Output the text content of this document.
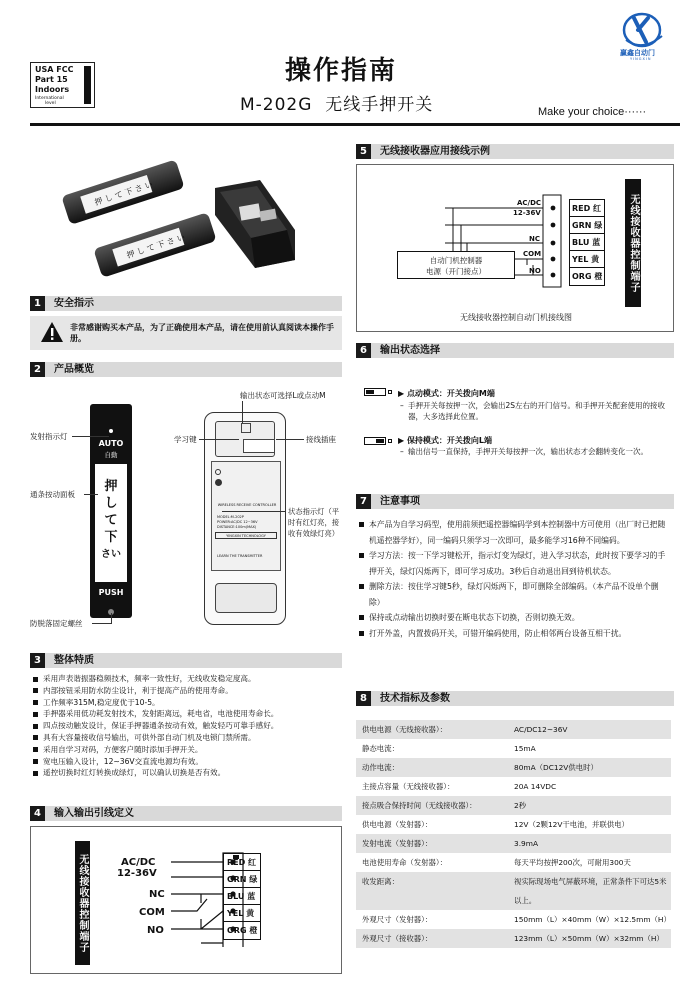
USA FCC
Part 15
Indoors
International
level
操作指南
M-202G  无线手押开关	Make your choice······
赢鑫自动门
YINGXIN
押 し て 下 さ い
押 し て 下 さ い
1	安全指示
非常感谢购买本产品，为了正确使用本产品，请在使用前认真阅读本操作手册。
2	产品概览
AUTO
自動
押
し
て
下
さい
PUSH
发射指示灯
通条按动面板
防脱落固定螺丝
WIRELESS RECEIVE CONTROLLER
MODEL:M-202P
POWER:AC/DC 12~36V
DISTANCE:100m(MAX)
YINGXIN TECHNOLOGY
LEARN THE TRANSMITTER
输出状态可选择L或点动M
学习键	接线插座
状态指示灯（平时有红灯亮，接收有效绿灯亮）
3	整体特质
采用声表谐振器稳频技术，频率一致性好，无线收发稳定度高。
内部按钮采用防水防尘设计，利于提高产品的使用寿命。
工作频率315M,稳定度优于10-5。
手押器采用低功耗发射技术，发射距离远，耗电省，电池使用寿命长。
四点按动触发设计，保证手押器通条按动有效，触发轻巧可靠手感好。
具有大容量接收信号输出，可供外部自动门机及电锁门禁所需。
采用自学习对码，方便客户随时添加手押开关。
宽电压输入设计，12~36V交直流电源均有效。
遥控切换时红灯转换成绿灯，可以确认切换是否有效。
4	输入输出引线定义
无线接收器控制端子	AC/DC
12-36V
NC
COM
NO
RED 红
GRN 绿
BLU 蓝
YEL 黄
ORG 橙
5	无线接收器应用接线示例
AC/DC
12-36V
NC
COM
NO
自动门机控制器
电源（开门接点）
RED 红
GRN 绿
BLU 蓝
YEL 黄
ORG 橙	无线接收器控制端子
无线接收器控制自动门机接线图
6	输出状态选择
▶ 点动模式：开关拨向M端
– 手押开关每按押一次，会输出2S左右的开门信号。和手押开关配套使用的接收器，大多选择此位置。
▶ 保持模式：开关拨向L端
– 输出信号一直保持，手押开关每按押一次，输出状态才会翻转变化一次。
7	注意事项
本产品为自学习码型，使用前须把遥控器编码学到本控制器中方可使用（出厂时已把随机遥控器学好），同一编码只须学习一次即可，最多能学习16种不同编码。
学习方法：按一下学习键松开，指示灯变为绿灯，进入学习状态，此时按下要学习的手押开关，绿灯闪烁两下，即可学习成功。3秒后自动退出回到待机状态。
删除方法：按住学习键5秒，绿灯闪烁两下，即可删除全部编码。（本产品不设单个删除）
保持或点动输出切换时要在断电状态下切换，否则切换无效。
打开外盖，内置拨码开关，可错开编码使用，防止相邻两台设备互相干扰。
8	技术指标及参数
供电电源（无线接收器）：	AC/DC12~36V
静态电流：	15mA
动作电流：	80mA（DC12V供电时）
主接点容量（无线接收器）：	20A 14VDC
接点吸合保持时间（无线接收器）：	2秒
供电电源（发射器）：	12V（2颗12V干电池，并联供电）
发射电流（发射器）：	3.9mA
电池使用寿命（发射器）：	每天平均按押200次，可耐用300天
收发距离：	视实际现场电气屏蔽环境，正常条件下可达5米以上。
外观尺寸（发射器）：	150mm（L）×40mm（W）×12.5mm（H）
外观尺寸（接收器）：	123mm（L）×50mm（W）×32mm（H）
